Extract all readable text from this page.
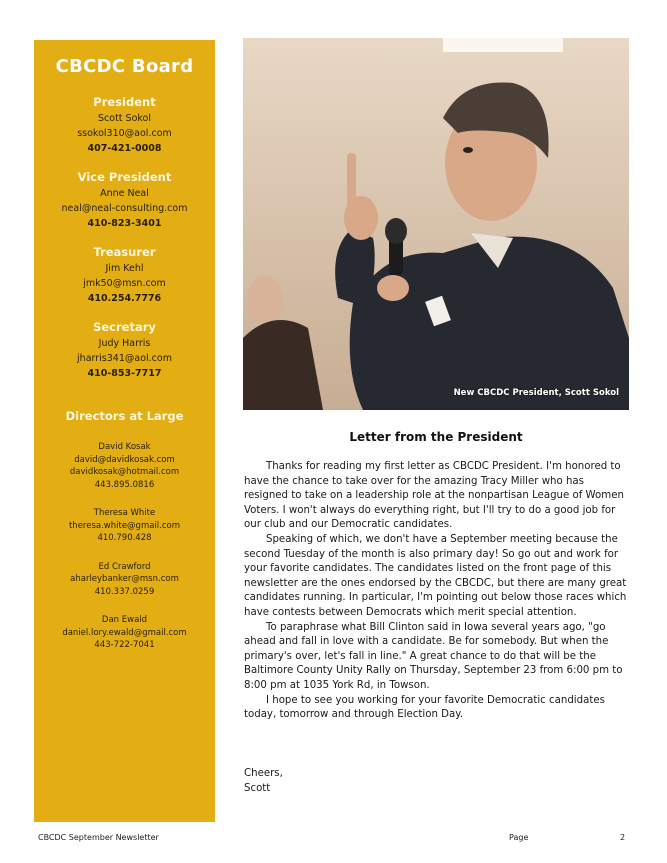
CBCDC Board
President
Scott Sokol
ssokol310@aol.com
407-421-0008
Vice President
Anne Neal
neal@neal-consulting.com
410-823-3401
Treasurer
Jim Kehl
jmk50@msn.com
410.254.7776
Secretary
Judy Harris
jharris341@aol.com
410-853-7717
Directors at Large
David Kosak
david@davidkosak.com
davidkosak@hotmail.com
443.895.0816
Theresa White
theresa.white@gmail.com
410.790.428
Ed Crawford
aharleybanker@msn.com
410.337.0259
Dan Ewald
daniel.lory.ewald@gmail.com
443-722-7041
New CBCDC President, Scott Sokol
Letter from the President

Thanks for reading my first letter as CBCDC President. I'm honored to have the chance to take over for the amazing Tracy Miller who has resigned to take on a leadership role at the nonpartisan League of Women Voters. I won't always do everything right, but I'll try to do a good job for our club and our Democratic candidates.

Speaking of which, we don't have a September meeting because the second Tuesday of the month is also primary day! So go out and work for your favorite candidates. The candidates listed on the front page of this newsletter are the ones endorsed by the CBCDC, but there are many great candidates running. In particular, I'm pointing out below those races which have contests between Democrats which merit special attention.

To paraphrase what Bill Clinton said in Iowa several years ago, "go ahead and fall in love with a candidate. Be for somebody. But when the primary's over, let's fall in line." A great chance to do that will be the Baltimore County Unity Rally on Thursday, September 23 from 6:00 pm to 8:00 pm at 1035 York Rd, in Towson.

I hope to see you working for your favorite Democratic candidates today, tomorrow and through Election Day.

Cheers,
Scott
CBCDC September Newsletter	Page	2
